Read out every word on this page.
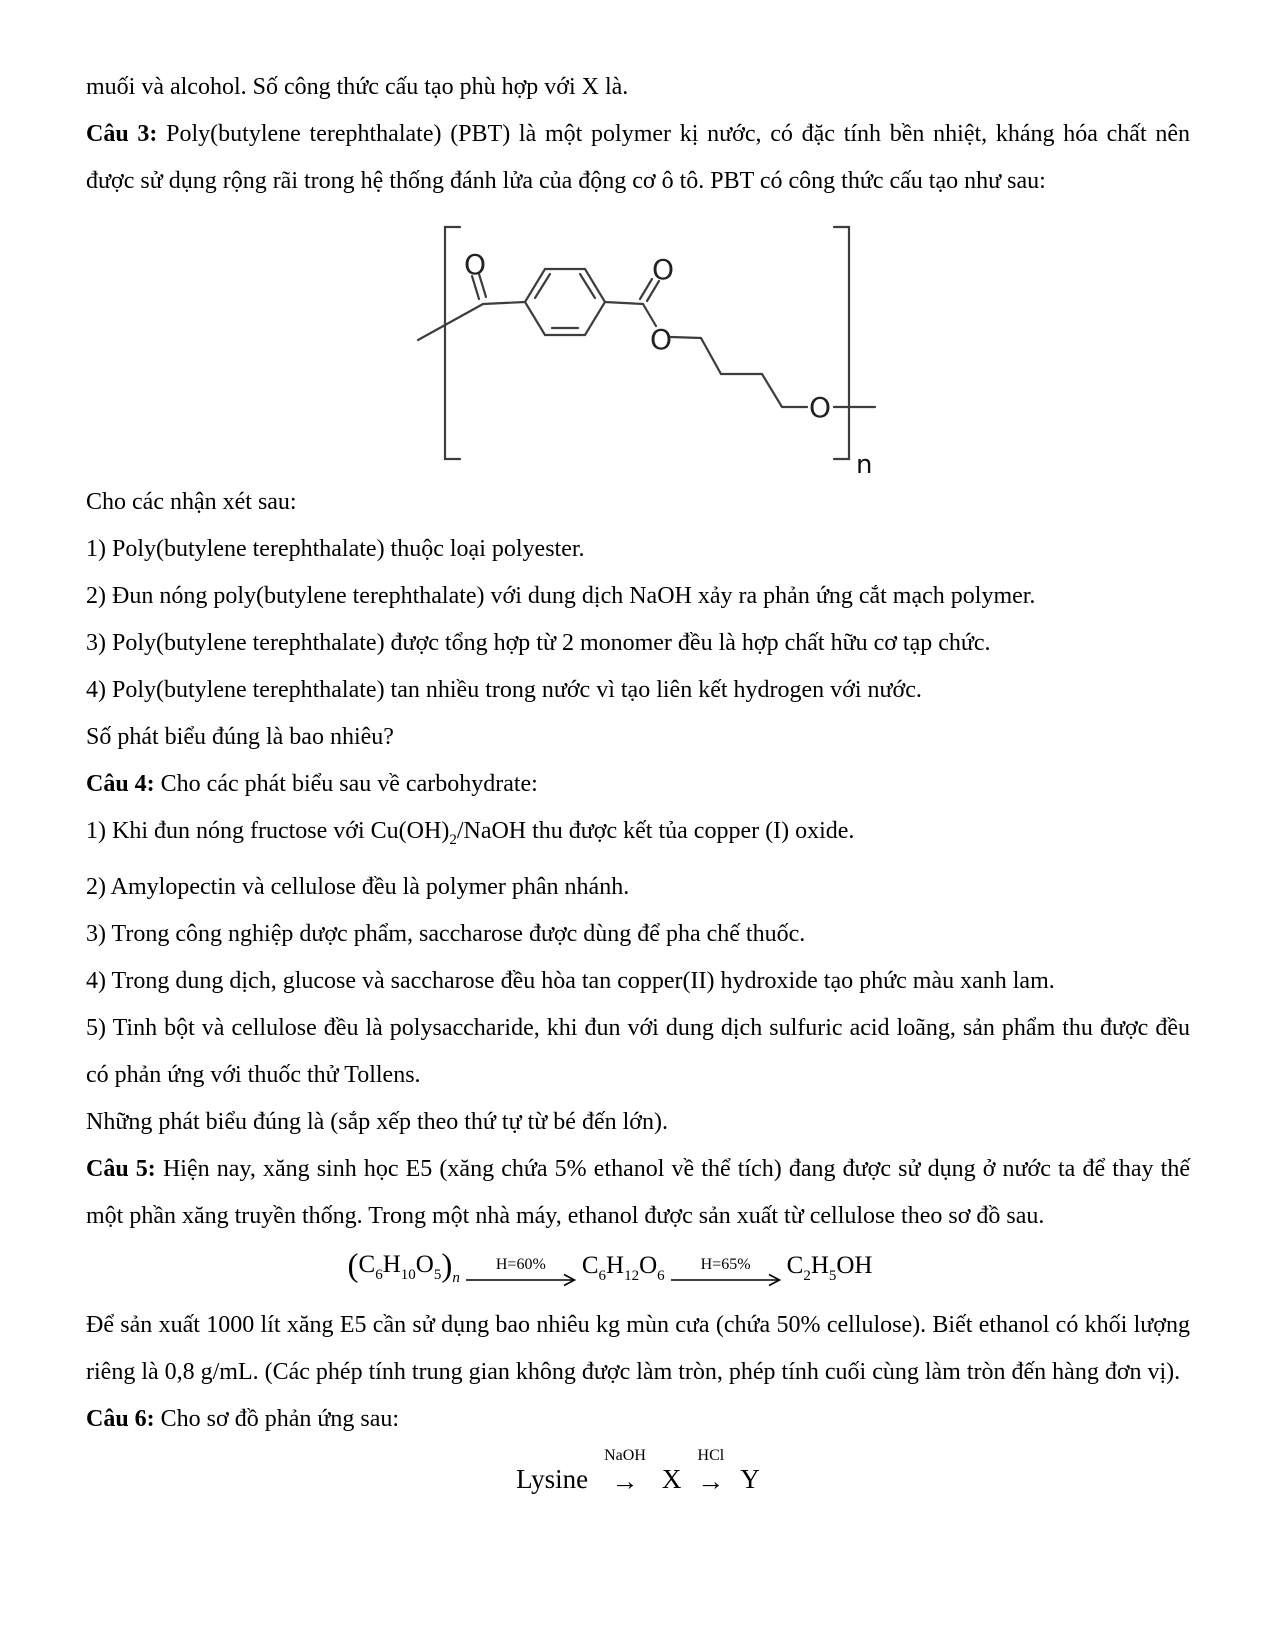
muối và alcohol. Số công thức cấu tạo phù hợp với X là.

Câu 3: Poly(butylene terephthalate) (PBT) là một polymer kị nước, có đặc tính bền nhiệt, kháng hóa chất nên được sử dụng rộng rãi trong hệ thống đánh lửa của động cơ ô tô. PBT có công thức cấu tạo như sau:

O	O
O
O
n

Cho các nhận xét sau:

1) Poly(butylene terephthalate) thuộc loại polyester.

2) Đun nóng poly(butylene terephthalate) với dung dịch NaOH xảy ra phản ứng cắt mạch polymer.

3) Poly(butylene terephthalate) được tổng hợp từ 2 monomer đều là hợp chất hữu cơ tạp chức.

4) Poly(butylene terephthalate) tan nhiều trong nước vì tạo liên kết hydrogen với nước.

Số phát biểu đúng là bao nhiêu?

Câu 4: Cho các phát biểu sau về carbohydrate:

1) Khi đun nóng fructose với $Cu(OH)_2$/NaOH thu được kết tủa copper (I) oxide.

2) Amylopectin và cellulose đều là polymer phân nhánh.

3) Trong công nghiệp dược phẩm, saccharose được dùng để pha chế thuốc.

4) Trong dung dịch, glucose và saccharose đều hòa tan copper(II) hydroxide tạo phức màu xanh lam.

5) Tinh bột và cellulose đều là polysaccharide, khi đun với dung dịch sulfuric acid loãng, sản phẩm thu được đều có phản ứng với thuốc thử Tollens.

Những phát biểu đúng là (sắp xếp theo thứ tự từ bé đến lớn).

Câu 5: Hiện nay, xăng sinh học E5 (xăng chứa 5% ethanol về thể tích) đang được sử dụng ở nước ta để thay thế một phần xăng truyền thống. Trong một nhà máy, ethanol được sản xuất từ cellulose theo sơ đồ sau.

$(C_6H_{10}O_5)_n$
H=60% $C_6H_{12}O_6$
H=65% $C_2H_5OH$

Để sản xuất 1000 lít xăng E5 cần sử dụng bao nhiêu kg mùn cưa (chứa 50% cellulose). Biết ethanol có khối lượng riêng là 0,8 g/mL. (Các phép tính trung gian không được làm tròn, phép tính cuối cùng làm tròn đến hàng đơn vị).

Câu 6: Cho sơ đồ phản ứng sau:

Lysine
NaOH
→ X
HCl
→ Y
